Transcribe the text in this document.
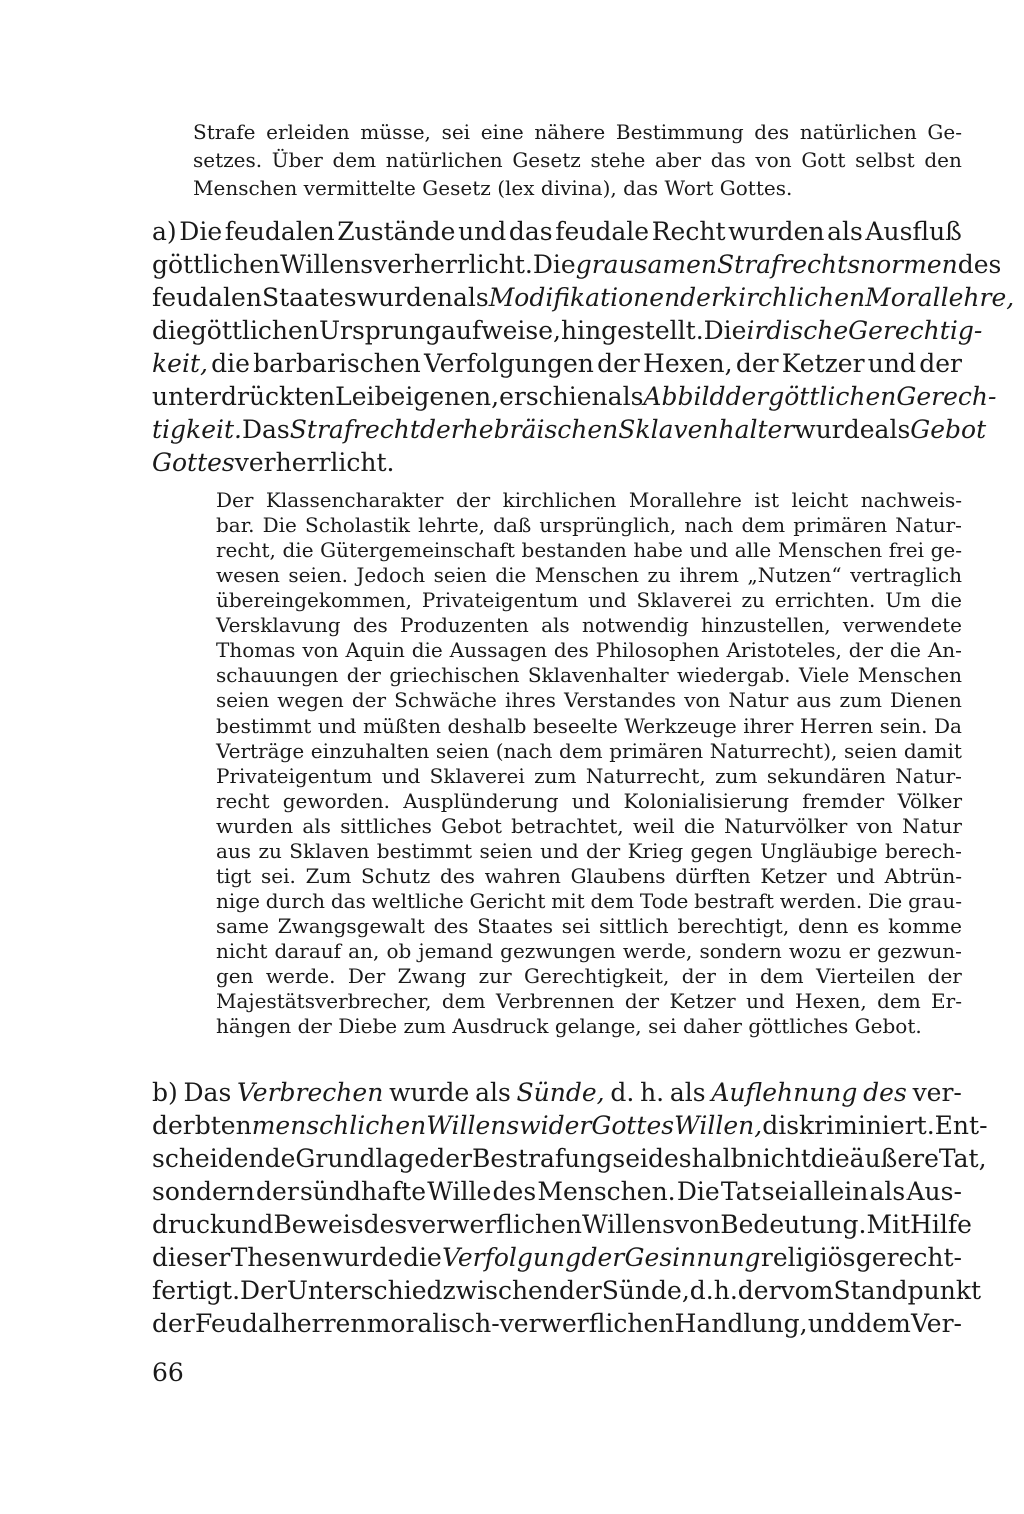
Strafe erleiden müsse, sei eine nähere Bestimmung des natürlichen Ge-
setzes. Über dem natürlichen Gesetz stehe aber das von Gott selbst den
Menschen vermittelte Gesetz (lex divina), das Wort Gottes.
a) Die feudalen Zustände und das feudale Recht wurden als Ausfluß
göttlichen Willens verherrlicht. Die grausamen Strafrechtsnormen des
feudalen Staates wurden als Modifikationen der kirchlichen Morallehre,
die göttlichen Ursprung aufweise, hingestellt. Die irdische Gerechtig-
keit, die barbarischen Verfolgungen der Hexen, der Ketzer und der
unterdrückten Leibeigenen, erschien als Abbild der göttlichen Gerech-
tigkeit. Das Strafrecht der hebräischen Sklavenhalter wurde als Gebot
Gottes verherrlicht.
Der Klassencharakter der kirchlichen Morallehre ist leicht nachweis-
bar. Die Scholastik lehrte, daß ursprünglich, nach dem primären Natur-
recht, die Gütergemeinschaft bestanden habe und alle Menschen frei ge-
wesen seien. Jedoch seien die Menschen zu ihrem „Nutzen“ vertraglich
übereingekommen, Privateigentum und Sklaverei zu errichten. Um die
Versklavung des Produzenten als notwendig hinzustellen, verwendete
Thomas von Aquin die Aussagen des Philosophen Aristoteles, der die An-
schauungen der griechischen Sklavenhalter wiedergab. Viele Menschen
seien wegen der Schwäche ihres Verstandes von Natur aus zum Dienen
bestimmt und müßten deshalb beseelte Werkzeuge ihrer Herren sein. Da
Verträge einzuhalten seien (nach dem primären Naturrecht), seien damit
Privateigentum und Sklaverei zum Naturrecht, zum sekundären Natur-
recht geworden. Ausplünderung und Kolonialisierung fremder Völker
wurden als sittliches Gebot betrachtet, weil die Naturvölker von Natur
aus zu Sklaven bestimmt seien und der Krieg gegen Ungläubige berech-
tigt sei. Zum Schutz des wahren Glaubens dürften Ketzer und Abtrün-
nige durch das weltliche Gericht mit dem Tode bestraft werden. Die grau-
same Zwangsgewalt des Staates sei sittlich berechtigt, denn es komme
nicht darauf an, ob jemand gezwungen werde, sondern wozu er gezwun-
gen werde. Der Zwang zur Gerechtigkeit, der in dem Vierteilen der
Majestätsverbrecher, dem Verbrennen der Ketzer und Hexen, dem Er-
hängen der Diebe zum Ausdruck gelange, sei daher göttliches Gebot.
b) Das Verbrechen wurde als Sünde, d. h. als Auflehnung des ver-
derbten menschlichen Willens wider Gottes Willen, diskriminiert. Ent-
scheidende Grundlage der Bestrafung sei deshalb nicht die äußere Tat,
sondern der sündhafte Wille des Menschen. Die Tat sei allein als Aus-
druck und Beweis des verwerflichen Willens von Bedeutung. Mit Hilfe
dieser Thesen wurde die Verfolgung der Gesinnung religiös gerecht-
fertigt. Der Unterschied zwischen der Sünde, d. h. der vom Standpunkt
der Feudalherren moralisch-verwerflichen Handlung, und dem Ver-
66
